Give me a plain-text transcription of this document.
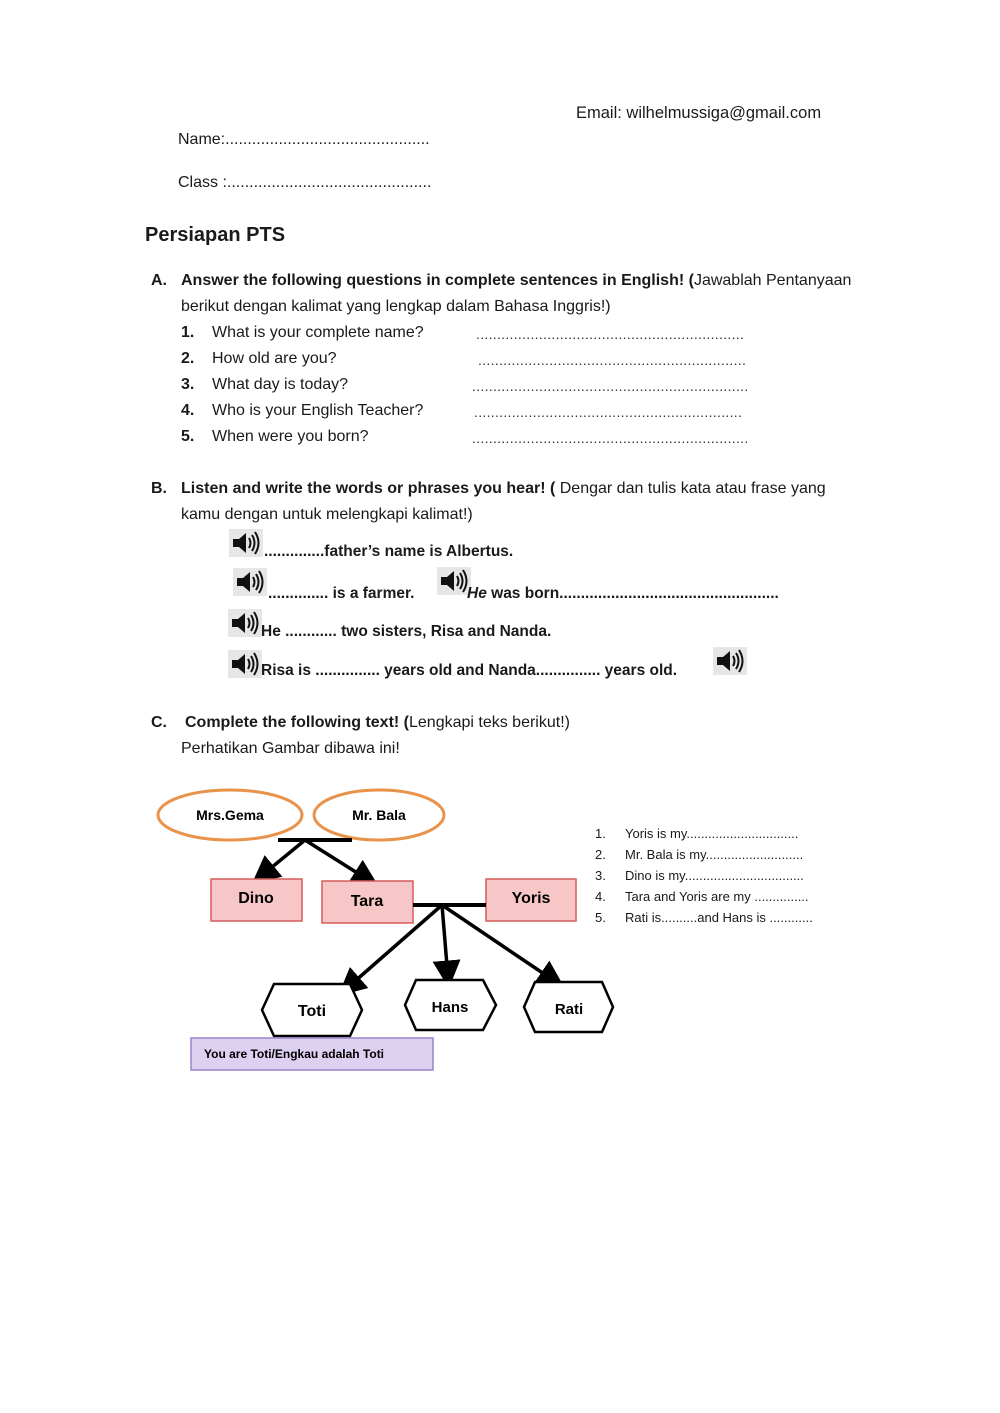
Email: wilhelmussiga@gmail.com
Name:..............................................
Class :..............................................
Persiapan PTS
A. Answer the following questions in complete sentences in English! (Jawablah Pentanyaan
berikut dengan kalimat yang lengkap dalam Bahasa Inggris!)
1. What is your complete name?	................................................................
2. How old are you?	................................................................
3. What day is today?	..................................................................
4. Who is your English Teacher?	................................................................
5. When were you born?	..................................................................
B. Listen and write the words or phrases you hear! ( Dengar dan tulis kata atau frase yang
kamu dengan untuk melengkapi kalimat!)
..............father’s name is Albertus.
.............. is a farmer.	He was born...................................................
He ............ two sisters, Risa and Nanda.
Risa is ............... years old and Nanda............... years old.
C. Complete the following text! (Lengkapi teks berikut!)
Perhatikan Gambar dibawa ini!
Mrs.Gema	Mr. Bala
Dino	Tara	Yoris
Toti	Hans	Rati
You are Toti/Engkau adalah Toti
1. Yoris is my...............................
2. Mr. Bala is my...........................
3. Dino is my.................................
4. Tara and Yoris are my ...............
5. Rati is..........and Hans is ............
